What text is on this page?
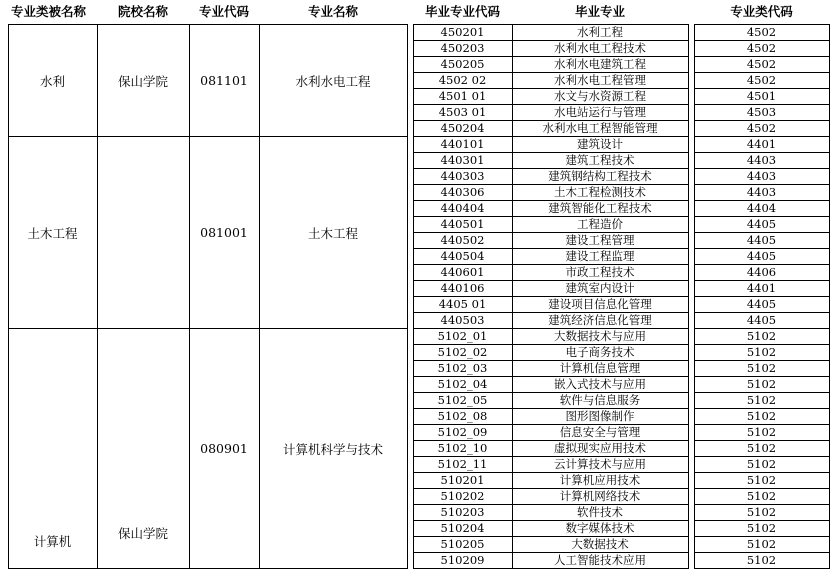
专业类被名称		院校名称	专业代码	专业名称		毕业专业代码	毕业专业		专业类代码
	水利	保山学院	081101	水利水电工程		450201	水利工程		4502
						450203	水利水电工程技术		4502
						450205	水利水电建筑工程		4502
						4502 02	水利水电工程管理		4502
						4501 01	水文与水资源工程		4501
						4503 01	水电站运行与管理		4503
						450204	水利水电工程智能管理		4502
	土木工程		081001	土木工程		440101	建筑设计		4401
						440301	建筑工程技术		4403
						440303	建筑钢结构工程技术		4403
						440306	土木工程检测技术		4403
						440404	建筑智能化工程技术		4404
						440501	工程造价		4405
						440502	建设工程管理		4405
						440504	建设工程监理		4405
						440601	市政工程技术		4406
						440106	建筑室内设计		4401
						4405 01	建设项目信息化管理		4405
						440503	建筑经济信息化管理		4405
	计算机	保山学院	080901	计算机科学与技术		5102_01	大数据技术与应用		5102
						5102_02	电子商务技术		5102
						5102_03	计算机信息管理		5102
						5102_04	嵌入式技术与应用		5102
						5102_05	软件与信息服务		5102
						5102_08	图形图像制作		5102
						5102_09	信息安全与管理		5102
						5102_10	虚拟现实应用技术		5102
						5102_11	云计算技术与应用		5102
						510201	计算机应用技术		5102
						510202	计算机网络技术		5102
						510203	软件技术		5102
						510204	数字媒体技术		5102
						510205	大数据技术		5102
						510209	人工智能技术应用		5102
